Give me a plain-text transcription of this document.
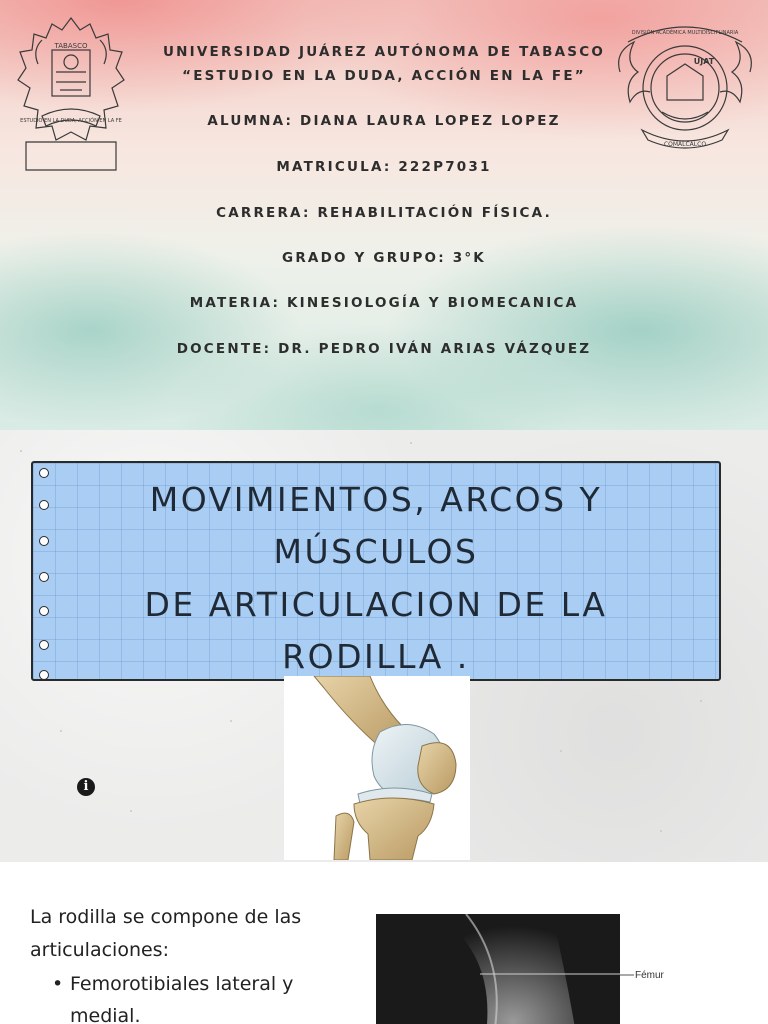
TABASCO
ESTUDIO EN LA DUDA, ACCIÓN EN LA FE
DIVISIÓN ACADÉMICA MULTIDISCIPLINARIA
UJAT
COMALCALCO
UNIVERSIDAD JUÁREZ AUTÓNOMA DE TABASCO
“ESTUDIO EN LA DUDA, ACCIÓN EN LA FE”
ALUMNA: DIANA LAURA LOPEZ LOPEZ
MATRICULA: 222P7031
CARRERA: REHABILITACIÓN FÍSICA.
GRADO Y GRUPO: 3°K
MATERIA: KINESIOLOGÍA Y BIOMECANICA
DOCENTE: DR. PEDRO IVÁN ARIAS VÁZQUEZ
MOVIMIENTOS, ARCOS Y
MÚSCULOS
DE ARTICULACION DE LA
RODILLA .
i
La rodilla se compone de las
articulaciones:
• Femorotibiales lateral y
medial.
Fémur
